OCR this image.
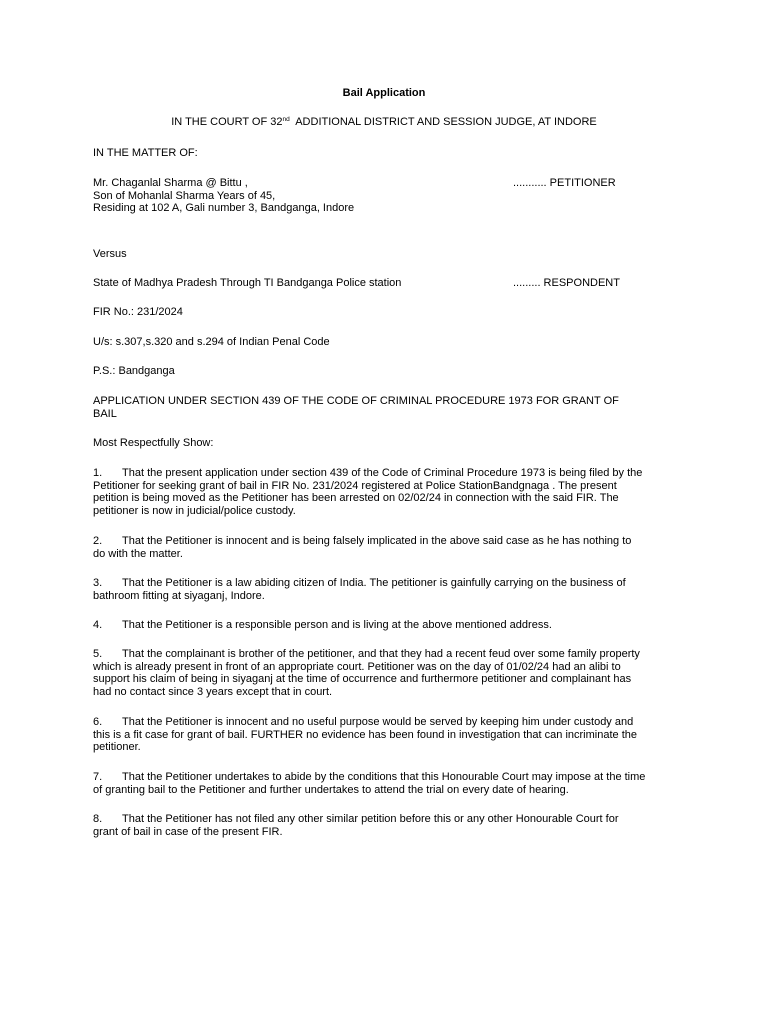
Bail Application
IN THE COURT OF 32nd  ADDITIONAL DISTRICT AND SESSION JUDGE, AT INDORE
IN THE MATTER OF:
Mr. Chaganlal Sharma @ Bittu ,	........... PETITIONER
Son of Mohanlal Sharma Years of 45,
Residing at 102 A, Gali number 3, Bandganga, Indore
Versus
State of Madhya Pradesh Through TI Bandganga Police station	......... RESPONDENT
FIR No.: 231/2024
U/s: s.307,s.320 and s.294 of Indian Penal Code
P.S.: Bandganga
APPLICATION UNDER SECTION 439 OF THE CODE OF CRIMINAL PROCEDURE 1973 FOR GRANT OF
BAIL
Most Respectfully Show:

1. That the present application under section 439 of the Code of Criminal Procedure 1973 is being filed by the

Petitioner for seeking grant of bail in FIR No. 231/2024 registered at Police StationBandgnaga . The present

petition is being moved as the Petitioner has been arrested on 02/02/24 in connection with the said FIR. The

petitioner is now in judicial/police custody.

2. That the Petitioner is innocent and is being falsely implicated in the above said case as he has nothing to

do with the matter.

3. That the Petitioner is a law abiding citizen of India. The petitioner is gainfully carrying on the business of

bathroom fitting at siyaganj, Indore.

4. That the Petitioner is a responsible person and is living at the above mentioned address.

5. That the complainant is brother of the petitioner, and that they had a recent feud over some family property

which is already present in front of an appropriate court. Petitioner was on the day of 01/02/24 had an alibi to

support his claim of being in siyaganj at the time of occurrence and furthermore petitioner and complainant has

had no contact since 3 years except that in court.

6. That the Petitioner is innocent and no useful purpose would be served by keeping him under custody and

this is a fit case for grant of bail. FURTHER no evidence has been found in investigation that can incriminate the

petitioner.

7. That the Petitioner undertakes to abide by the conditions that this Honourable Court may impose at the time

of granting bail to the Petitioner and further undertakes to attend the trial on every date of hearing.

8. That the Petitioner has not filed any other similar petition before this or any other Honourable Court for

grant of bail in case of the present FIR.
